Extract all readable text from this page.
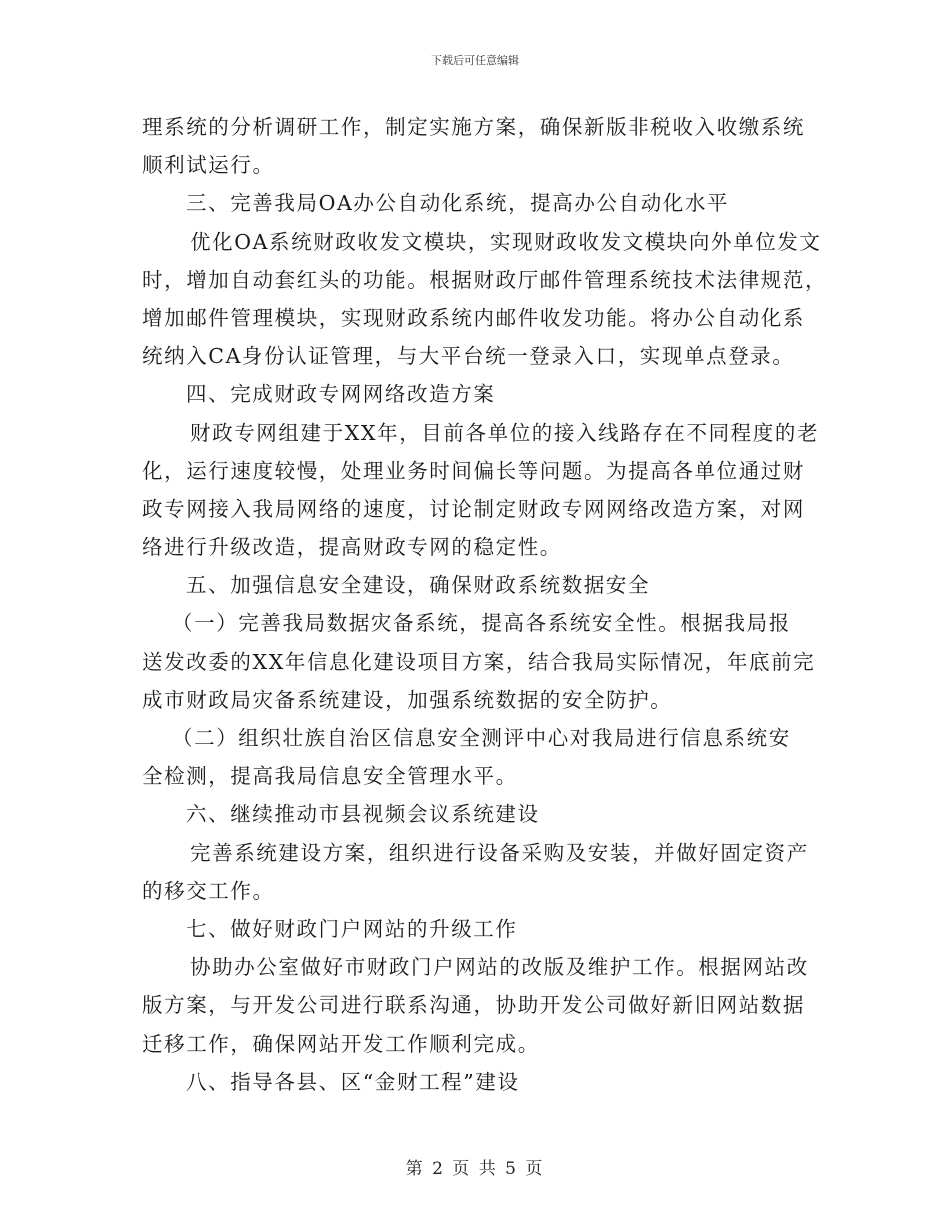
下载后可任意编辑
理系统的分析调研工作，制定实施方案，确保新版非税收入收缴系统
顺利试运行。
三、完善我局OA办公自动化系统，提高办公自动化水平
优化OA系统财政收发文模块，实现财政收发文模块向外单位发文
时，增加自动套红头的功能。根据财政厅邮件管理系统技术法律规范，
增加邮件管理模块，实现财政系统内邮件收发功能。将办公自动化系
统纳入CA身份认证管理，与大平台统一登录入口，实现单点登录。
四、完成财政专网网络改造方案
财政专网组建于XX年，目前各单位的接入线路存在不同程度的老
化，运行速度较慢，处理业务时间偏长等问题。为提高各单位通过财
政专网接入我局网络的速度，讨论制定财政专网网络改造方案，对网
络进行升级改造，提高财政专网的稳定性。
五、加强信息安全建设，确保财政系统数据安全
（一）完善我局数据灾备系统，提高各系统安全性。根据我局报
送发改委的XX年信息化建设项目方案，结合我局实际情况，年底前完
成市财政局灾备系统建设，加强系统数据的安全防护。
（二）组织壮族自治区信息安全测评中心对我局进行信息系统安
全检测，提高我局信息安全管理水平。
六、继续推动市县视频会议系统建设
完善系统建设方案，组织进行设备采购及安装，并做好固定资产
的移交工作。
七、做好财政门户网站的升级工作
协助办公室做好市财政门户网站的改版及维护工作。根据网站改
版方案，与开发公司进行联系沟通，协助开发公司做好新旧网站数据
迁移工作，确保网站开发工作顺利完成。
八、指导各县、区“金财工程”建设
第 2 页 共 5 页
